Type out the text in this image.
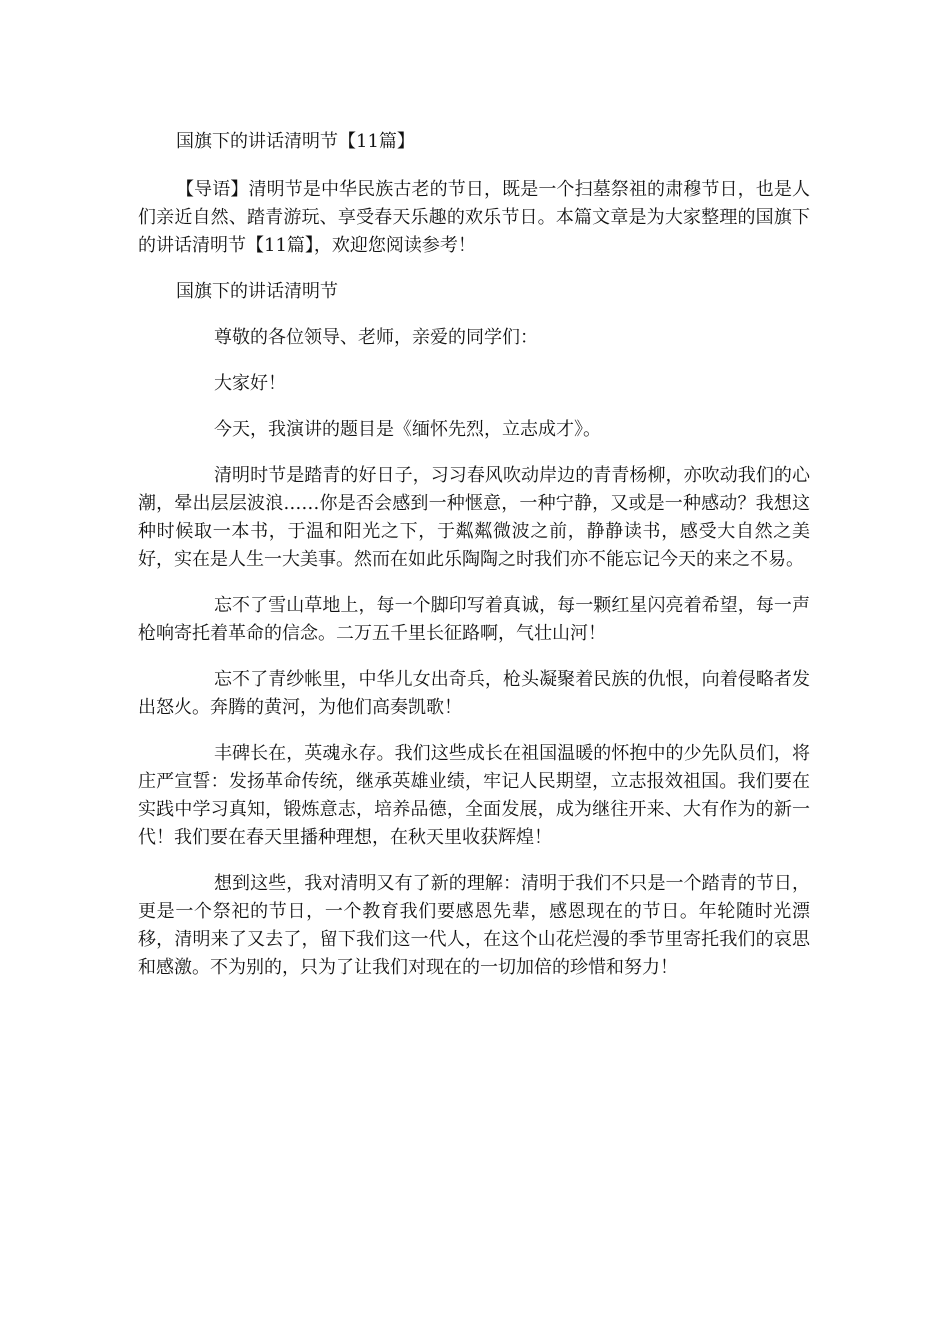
国旗下的讲话清明节【11篇】

【导语】清明节是中华民族古老的节日，既是一个扫墓祭祖的肃穆节日，也是人们亲近自然、踏青游玩、享受春天乐趣的欢乐节日。本篇文章是为大家整理的国旗下的讲话清明节【11篇】，欢迎您阅读参考！

国旗下的讲话清明节

尊敬的各位领导、老师，亲爱的同学们：

大家好！

今天，我演讲的题目是《缅怀先烈，立志成才》。

清明时节是踏青的好日子，习习春风吹动岸边的青青杨柳，亦吹动我们的心潮，晕出层层波浪……你是否会感到一种惬意，一种宁静，又或是一种感动？我想这种时候取一本书，于温和阳光之下，于粼粼微波之前，静静读书，感受大自然之美好，实在是人生一大美事。然而在如此乐陶陶之时我们亦不能忘记今天的来之不易。

忘不了雪山草地上，每一个脚印写着真诚，每一颗红星闪亮着希望，每一声枪响寄托着革命的信念。二万五千里长征路啊，气壮山河！

忘不了青纱帐里，中华儿女出奇兵，枪头凝聚着民族的仇恨，向着侵略者发出怒火。奔腾的黄河，为他们高奏凯歌！

丰碑长在，英魂永存。我们这些成长在祖国温暖的怀抱中的少先队员们，将庄严宣誓：发扬革命传统，继承英雄业绩，牢记人民期望，立志报效祖国。我们要在实践中学习真知，锻炼意志，培养品德，全面发展，成为继往开来、大有作为的新一代！我们要在春天里播种理想，在秋天里收获辉煌！

想到这些，我对清明又有了新的理解：清明于我们不只是一个踏青的节日，更是一个祭祀的节日，一个教育我们要感恩先辈，感恩现在的节日。年轮随时光漂移，清明来了又去了，留下我们这一代人，在这个山花烂漫的季节里寄托我们的哀思和感激。不为别的，只为了让我们对现在的一切加倍的珍惜和努力！
